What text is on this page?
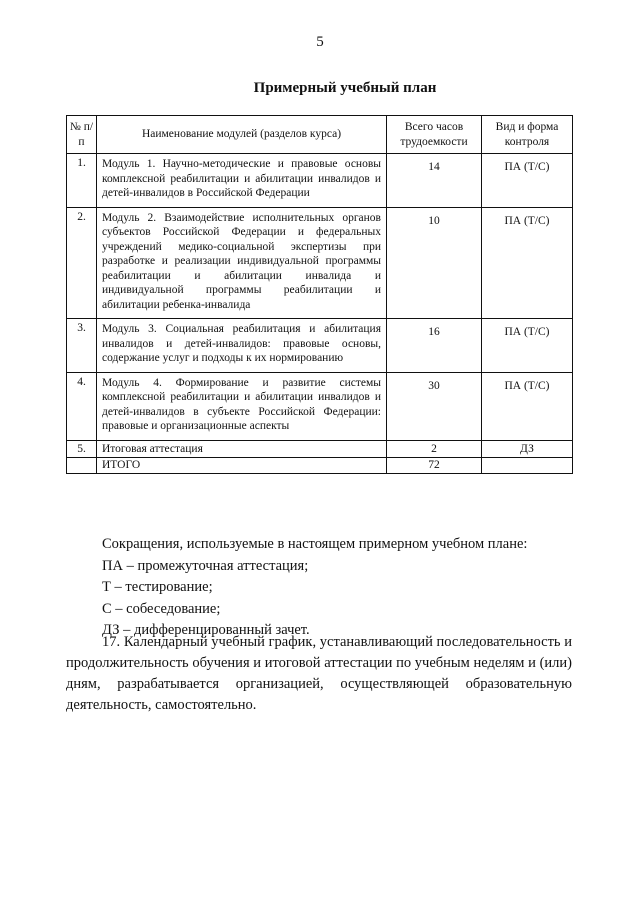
5
Примерный учебный план
№ п/п	Наименование модулей (разделов курса)	Всего часов трудоемкости	Вид и форма контроля
1.	Модуль 1. Научно-методические и правовые основы комплексной реабилитации и абилитации инвалидов и детей-инвалидов в Российской Федерации	14	ПА (Т/С)
2.	Модуль 2. Взаимодействие исполнительных органов субъектов Российской Федерации и федеральных учреждений медико-социальной экспертизы при разработке и реализации индивидуальной программы реабилитации и абилитации инвалида и индивидуальной программы реабилитации и абилитации ребенка-инвалида	10	ПА (Т/С)
3.	Модуль 3. Социальная реабилитация и абилитация инвалидов и детей-инвалидов: правовые основы, содержание услуг и подходы к их нормированию	16	ПА (Т/С)
4.	Модуль 4. Формирование и развитие системы комплексной реабилитации и абилитации инвалидов и детей-инвалидов в субъекте Российской Федерации: правовые и организационные аспекты	30	ПА (Т/С)
5.	Итоговая аттестация	2	ДЗ
	ИТОГО	72	
Сокращения, используемые в настоящем примерном учебном плане:
ПА – промежуточная аттестация;
Т – тестирование;
С – собеседование;
ДЗ – дифференцированный зачет.

17. Календарный учебный график, устанавливающий последовательность и продолжительность обучения и итоговой аттестации по учебным неделям и (или) дням, разрабатывается организацией, осуществляющей образовательную деятельность, самостоятельно.
